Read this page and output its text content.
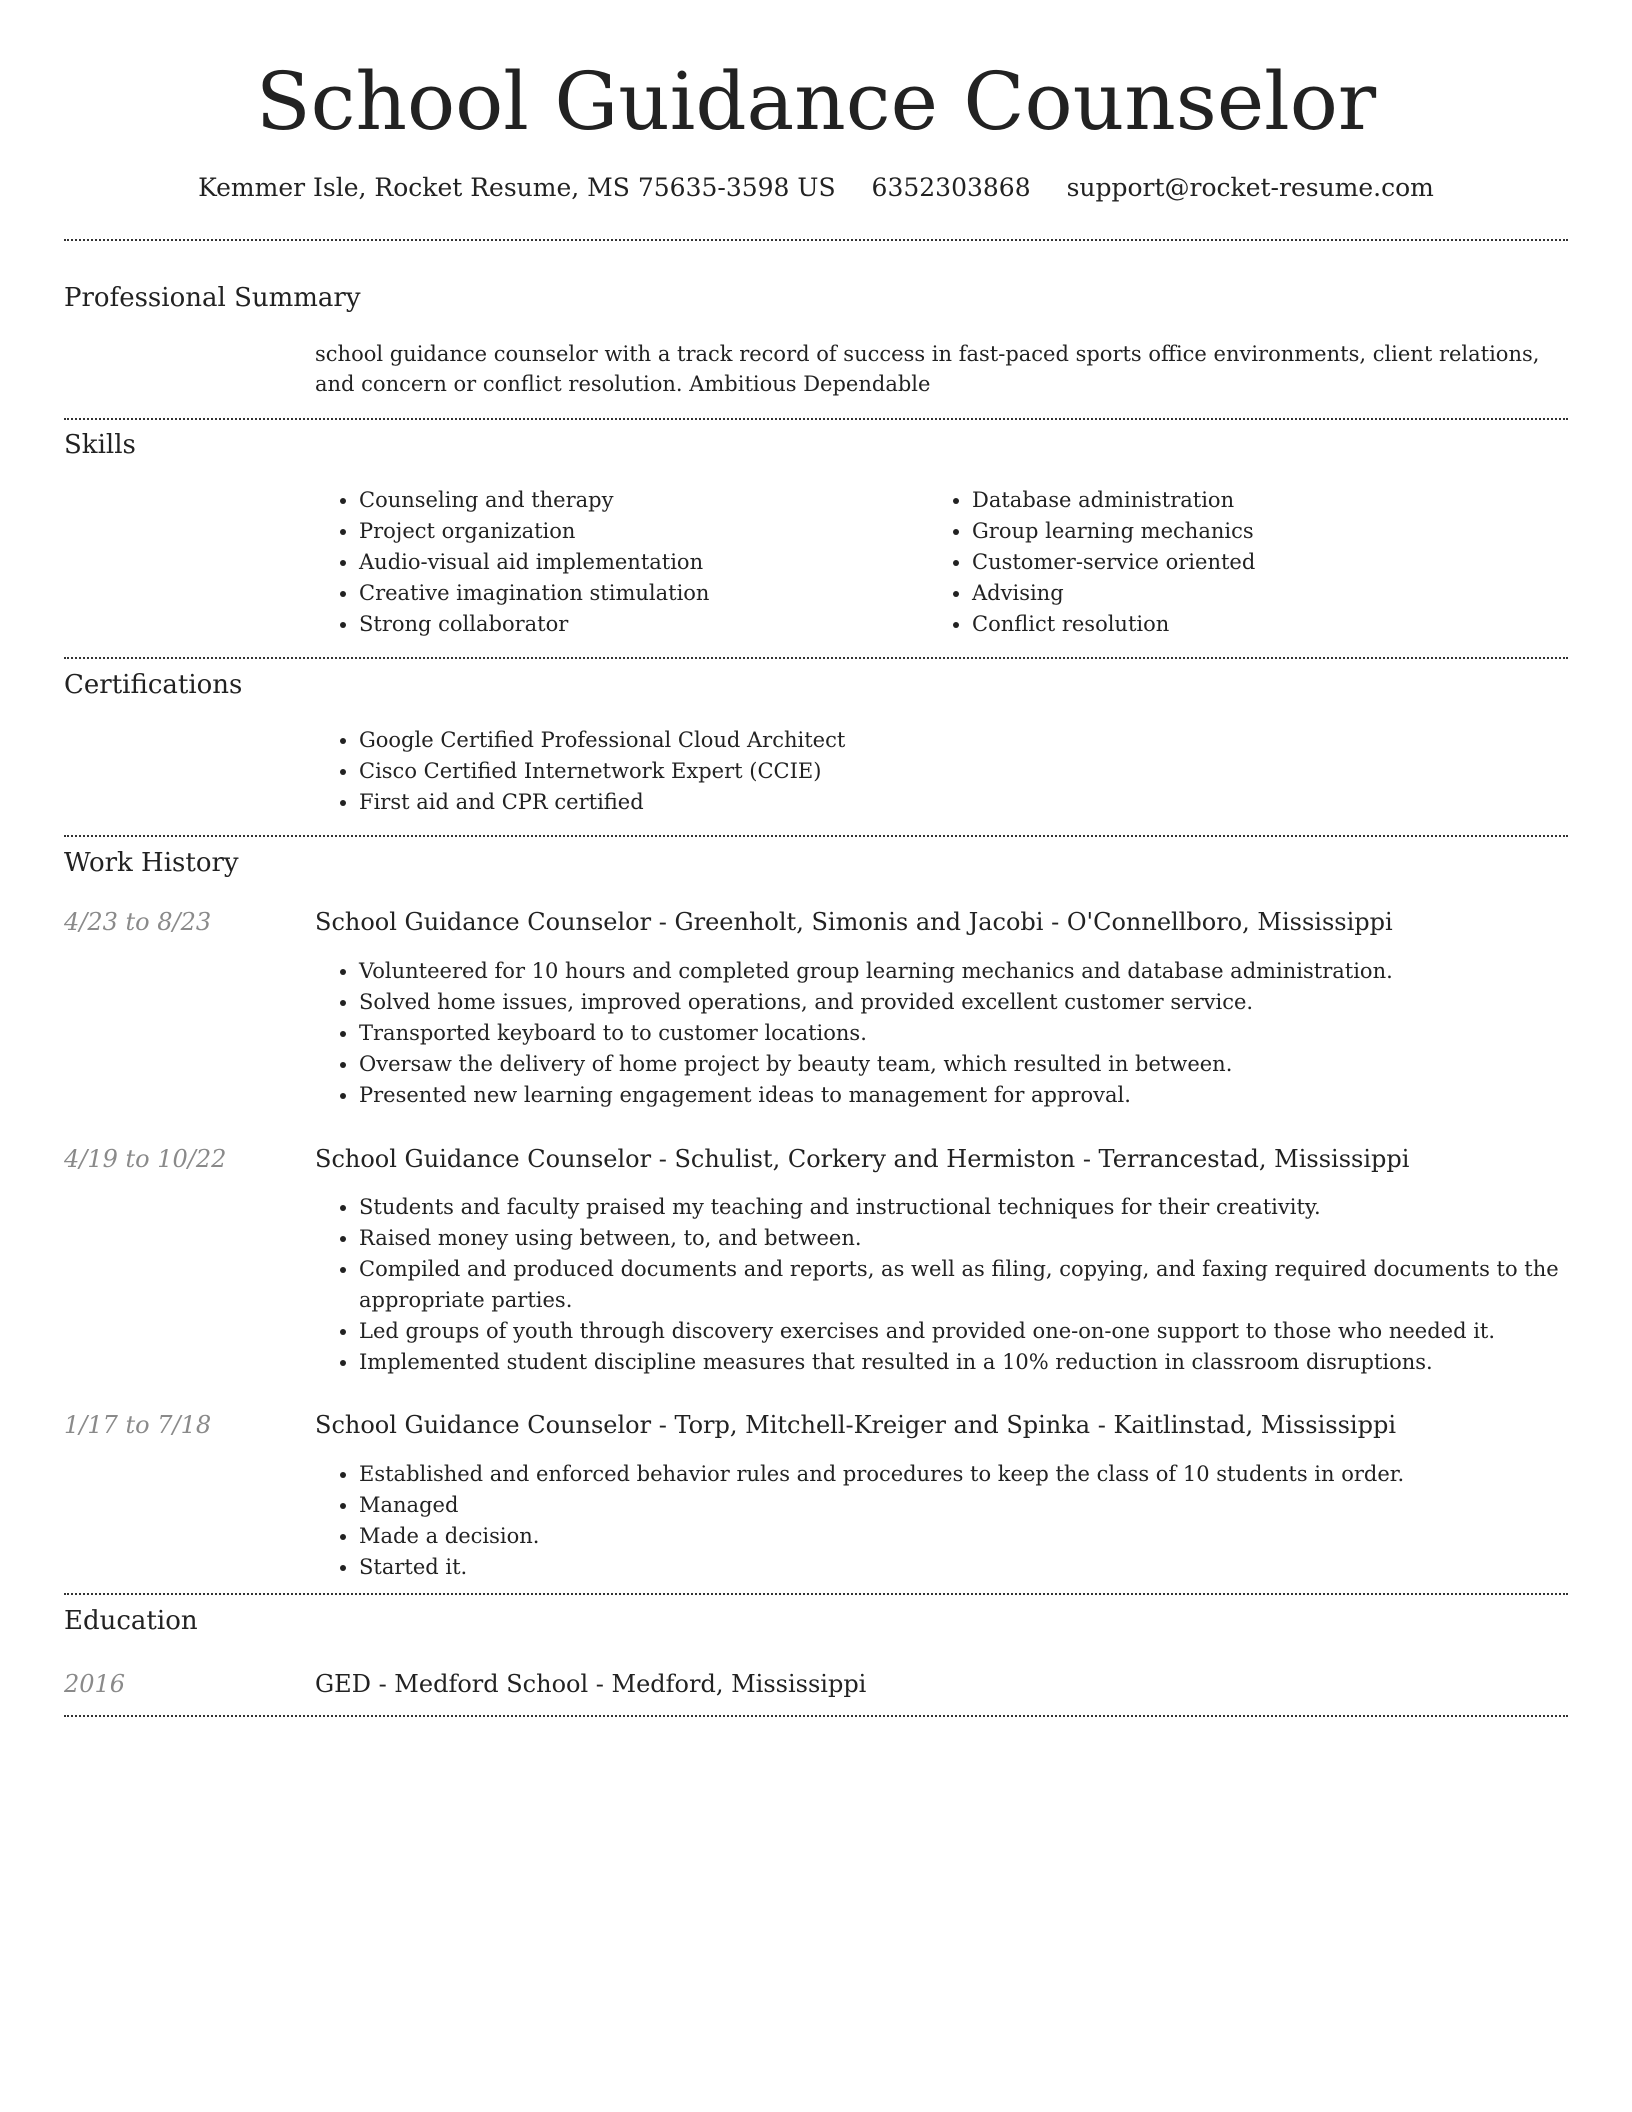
School Guidance Counselor
Kemmer Isle, Rocket Resume, MS 75635-3598 US 6352303868 support@rocket-resume.com
Professional Summary
school guidance counselor with a track record of success in fast-paced sports office environments, client relations, and concern or conflict resolution. Ambitious Dependable
Skills
• Counseling and therapy
• Project organization
• Audio-visual aid implementation
• Creative imagination stimulation
• Strong collaborator
• Database administration
• Group learning mechanics
• Customer-service oriented
• Advising
• Conflict resolution
Certifications
• Google Certified Professional Cloud Architect
• Cisco Certified Internetwork Expert (CCIE)
• First aid and CPR certified
Work History
4/23 to 8/23	School Guidance Counselor - Greenholt, Simonis and Jacobi - O'Connellboro, Mississippi
• Volunteered for 10 hours and completed group learning mechanics and database administration.
• Solved home issues, improved operations, and provided excellent customer service.
• Transported keyboard to to customer locations.
• Oversaw the delivery of home project by beauty team, which resulted in between.
• Presented new learning engagement ideas to management for approval.
4/19 to 10/22	School Guidance Counselor - Schulist, Corkery and Hermiston - Terrancestad, Mississippi
• Students and faculty praised my teaching and instructional techniques for their creativity.
• Raised money using between, to, and between.
• Compiled and produced documents and reports, as well as filing, copying, and faxing required documents to the appropriate parties.
• Led groups of youth through discovery exercises and provided one-on-one support to those who needed it.
• Implemented student discipline measures that resulted in a 10% reduction in classroom disruptions.
1/17 to 7/18	School Guidance Counselor - Torp, Mitchell-Kreiger and Spinka - Kaitlinstad, Mississippi
• Established and enforced behavior rules and procedures to keep the class of 10 students in order.
• Managed
• Made a decision.
• Started it.
Education
2016	GED - Medford School - Medford, Mississippi
